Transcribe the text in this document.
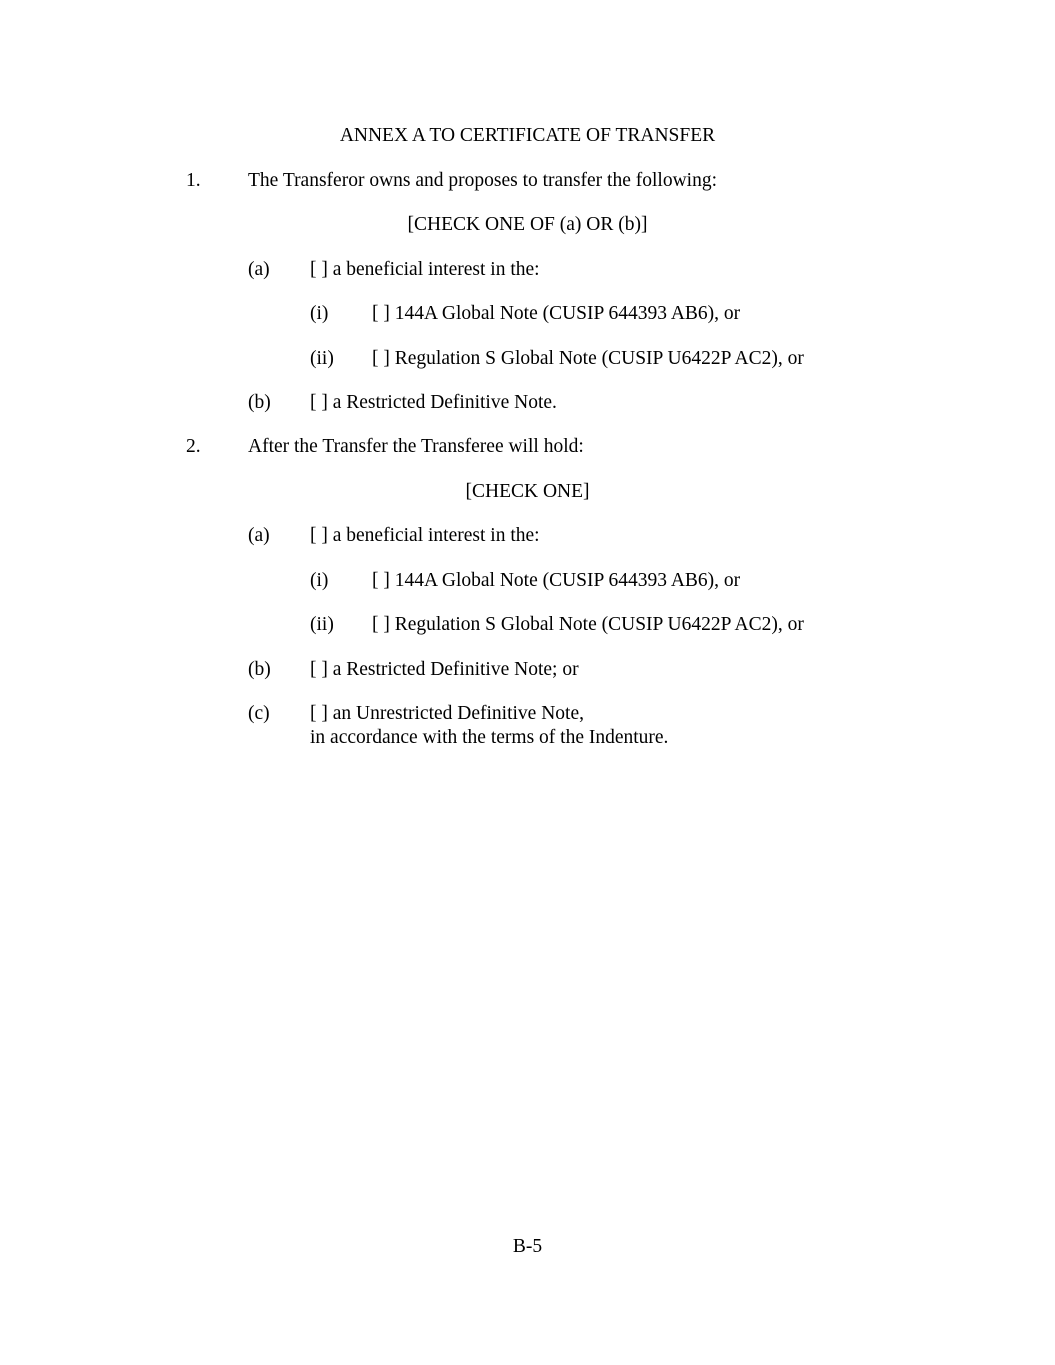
ANNEX A TO CERTIFICATE OF TRANSFER
1. The Transferor owns and proposes to transfer the following:
[CHECK ONE OF (a) OR (b)]
(a) [ ] a beneficial interest in the:
(i) [ ] 144A Global Note (CUSIP 644393 AB6), or
(ii) [ ] Regulation S Global Note (CUSIP U6422P AC2), or
(b) [ ] a Restricted Definitive Note.
2. After the Transfer the Transferee will hold:
[CHECK ONE]
(a) [ ] a beneficial interest in the:
(i) [ ] 144A Global Note (CUSIP 644393 AB6), or
(ii) [ ] Regulation S Global Note (CUSIP U6422P AC2), or
(b) [ ] a Restricted Definitive Note; or
(c) [ ] an Unrestricted Definitive Note,
in accordance with the terms of the Indenture.
B-5
